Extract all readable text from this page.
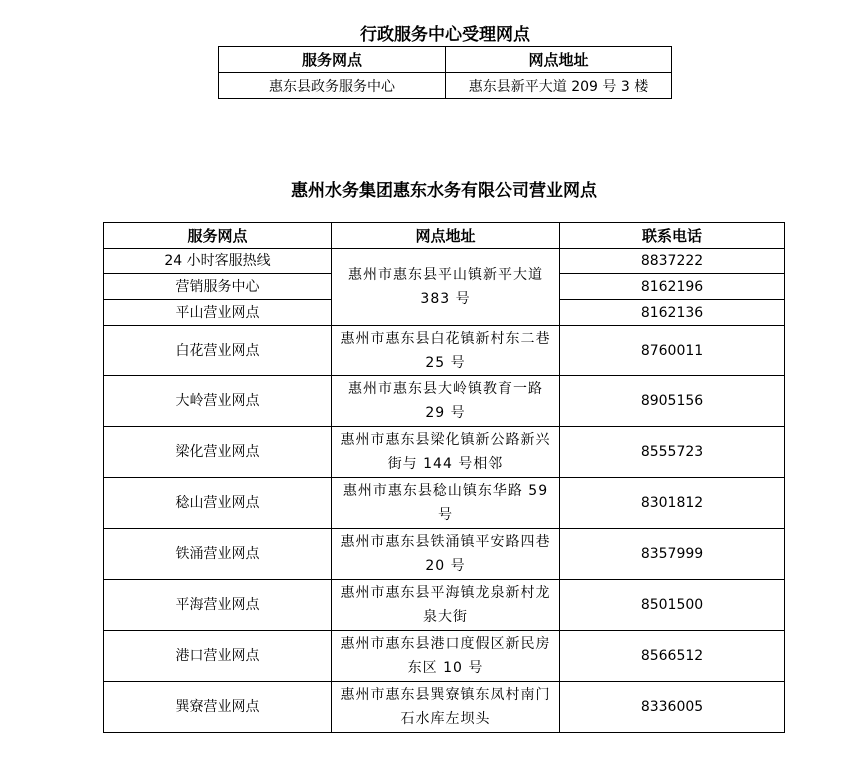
行政服务中心受理网点
服务网点	网点地址
惠东县政务服务中心	惠东县新平大道 209 号 3 楼
惠州水务集团惠东水务有限公司营业网点
服务网点	网点地址	联系电话
24 小时客服热线	惠州市惠东县平山镇新平大道 383 号	8837222
营销服务中心		8162196
平山营业网点		8162136
白花营业网点	惠州市惠东县白花镇新村东二巷 25 号	8760011
大岭营业网点	惠州市惠东县大岭镇教育一路 29 号	8905156
梁化营业网点	惠州市惠东县梁化镇新公路新兴街与 144 号相邻	8555723
稔山营业网点	惠州市惠东县稔山镇东华路 59 号	8301812
铁涌营业网点	惠州市惠东县铁涌镇平安路四巷 20 号	8357999
平海营业网点	惠州市惠东县平海镇龙泉新村龙泉大街	8501500
港口营业网点	惠州市惠东县港口度假区新民房东区 10 号	8566512
巽寮营业网点	惠州市惠东县巽寮镇东凤村南门石水库左坝头	8336005
